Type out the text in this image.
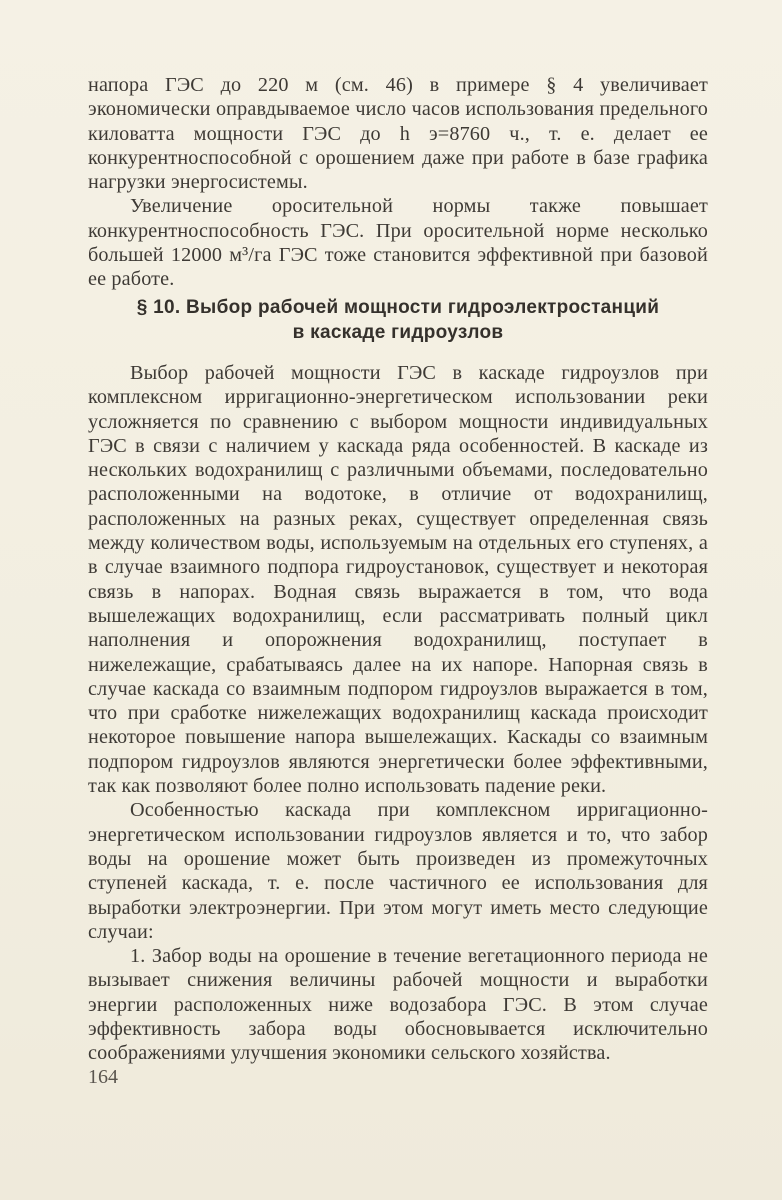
напора ГЭС до 220 м (см. 46) в примере § 4 увеличивает экономически оправдываемое число часов использования предельного киловатта мощности ГЭС до h э=8760 ч., т. е. делает ее конкурентноспособной с орошением даже при работе в базе графика нагрузки энергосистемы.

Увеличение оросительной нормы также повышает конкурентноспособность ГЭС. При оросительной норме несколько большей 12000 м³/га ГЭС тоже становится эффективной при базовой ее работе.

§ 10. Выбор рабочей мощности гидроэлектростанций
в каскаде гидроузлов

Выбор рабочей мощности ГЭС в каскаде гидроузлов при комплексном ирригационно-энергетическом использовании реки усложняется по сравнению с выбором мощности индивидуальных ГЭС в связи с наличием у каскада ряда особенностей. В каскаде из нескольких водохранилищ с различными объемами, последовательно расположенными на водотоке, в отличие от водохранилищ, расположенных на разных реках, существует определенная связь между количеством воды, используемым на отдельных его ступенях, а в случае взаимного подпора гидроустановок, существует и некоторая связь в напорах. Водная связь выражается в том, что вода вышележащих водохранилищ, если рассматривать полный цикл наполнения и опорожнения водохранилищ, поступает в нижележащие, срабатываясь далее на их напоре. Напорная связь в случае каскада со взаимным подпором гидроузлов выражается в том, что при сработке нижележащих водохранилищ каскада происходит некоторое повышение напора вышележащих. Каскады со взаимным подпором гидроузлов являются энергетически более эффективными, так как позволяют более полно использовать падение реки.

Особенностью каскада при комплексном ирригационно-энергетическом использовании гидроузлов является и то, что забор воды на орошение может быть произведен из промежуточных ступеней каскада, т. е. после частичного ее использования для выработки электроэнергии. При этом могут иметь место следующие случаи:

1. Забор воды на орошение в течение вегетационного периода не вызывает снижения величины рабочей мощности и выработки энергии расположенных ниже водозабора ГЭС. В этом случае эффективность забора воды обосновывается исключительно соображениями улучшения экономики сельского хозяйства.

164
